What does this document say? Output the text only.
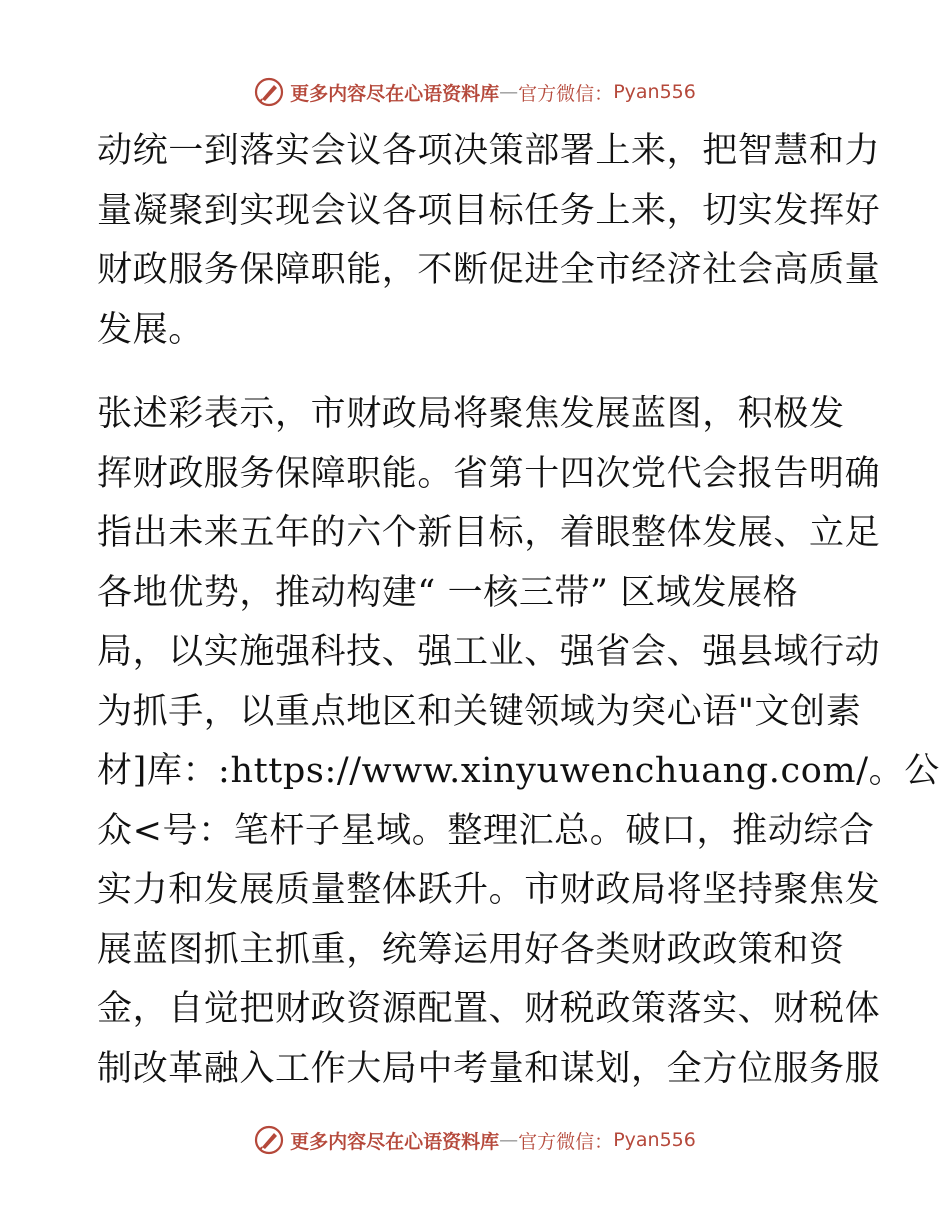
更多内容尽在心语资料库 — 官方微信： Pyan556
动统一到落实会议各项决策部署上来，把智慧和力
量凝聚到实现会议各项目标任务上来，切实发挥好
财政服务保障职能，不断促进全市经济社会高质量
发展。
张述彩表示，市财政局将聚焦发展蓝图，积极发
挥财政服务保障职能。省第十四次党代会报告明确
指出未来五年的六个新目标，着眼整体发展、立足
各地优势，推动构建“ 一核三带” 区域发展格
局，以实施强科技、强工业、强省会、强县域行动
为抓手，以重点地区和关键领域为突心语"文创素
材]库：:https://www.xinyuwenchuang.com/。公
众<号：笔杆子星域。整理汇总。破口，推动综合
实力和发展质量整体跃升。市财政局将坚持聚焦发
展蓝图抓主抓重，统筹运用好各类财政政策和资
金，自觉把财政资源配置、财税政策落实、财税体
制改革融入工作大局中考量和谋划，全方位服务服
更多内容尽在心语资料库 — 官方微信： Pyan556
